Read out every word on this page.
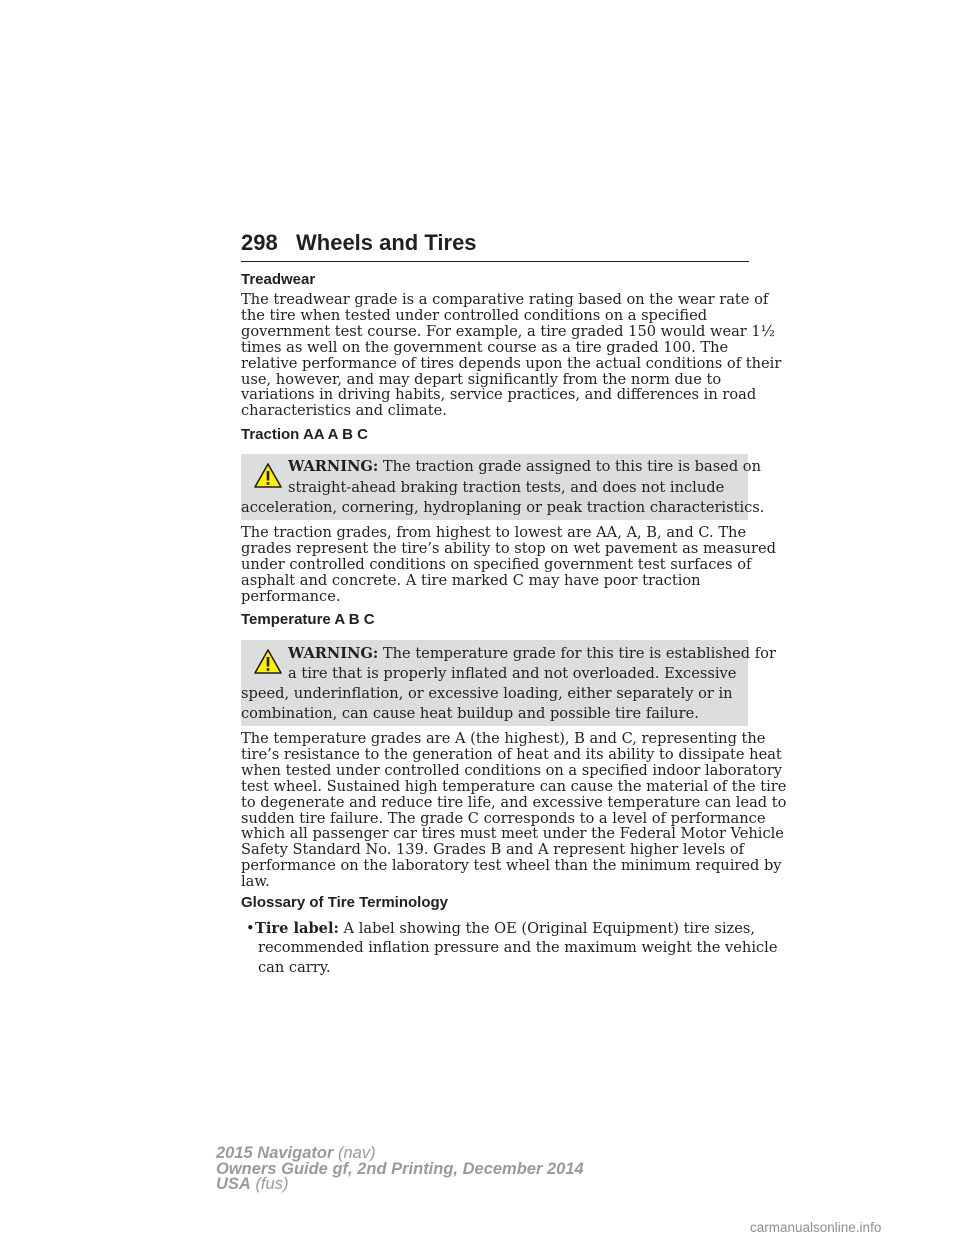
298 Wheels and Tires
Treadwear
The treadwear grade is a comparative rating based on the wear rate of
the tire when tested under controlled conditions on a specified
government test course. For example, a tire graded 150 would wear 1½
times as well on the government course as a tire graded 100. The
relative performance of tires depends upon the actual conditions of their
use, however, and may depart significantly from the norm due to
variations in driving habits, service practices, and differences in road
characteristics and climate.
Traction AA A B C
WARNING: The traction grade assigned to this tire is based on
straight-ahead braking traction tests, and does not include
acceleration, cornering, hydroplaning or peak traction characteristics.
The traction grades, from highest to lowest are AA, A, B, and C. The
grades represent the tire’s ability to stop on wet pavement as measured
under controlled conditions on specified government test surfaces of
asphalt and concrete. A tire marked C may have poor traction
performance.
Temperature A B C
WARNING: The temperature grade for this tire is established for
a tire that is properly inflated and not overloaded. Excessive
speed, underinflation, or excessive loading, either separately or in
combination, can cause heat buildup and possible tire failure.
The temperature grades are A (the highest), B and C, representing the
tire’s resistance to the generation of heat and its ability to dissipate heat
when tested under controlled conditions on a specified indoor laboratory
test wheel. Sustained high temperature can cause the material of the tire
to degenerate and reduce tire life, and excessive temperature can lead to
sudden tire failure. The grade C corresponds to a level of performance
which all passenger car tires must meet under the Federal Motor Vehicle
Safety Standard No. 139. Grades B and A represent higher levels of
performance on the laboratory test wheel than the minimum required by
law.
Glossary of Tire Terminology
• Tire label: A label showing the OE (Original Equipment) tire sizes,
recommended inflation pressure and the maximum weight the vehicle
can carry.
2015 Navigator (nav)
Owners Guide gf, 2nd Printing, December 2014
USA (fus)
carmanualsonline.info
